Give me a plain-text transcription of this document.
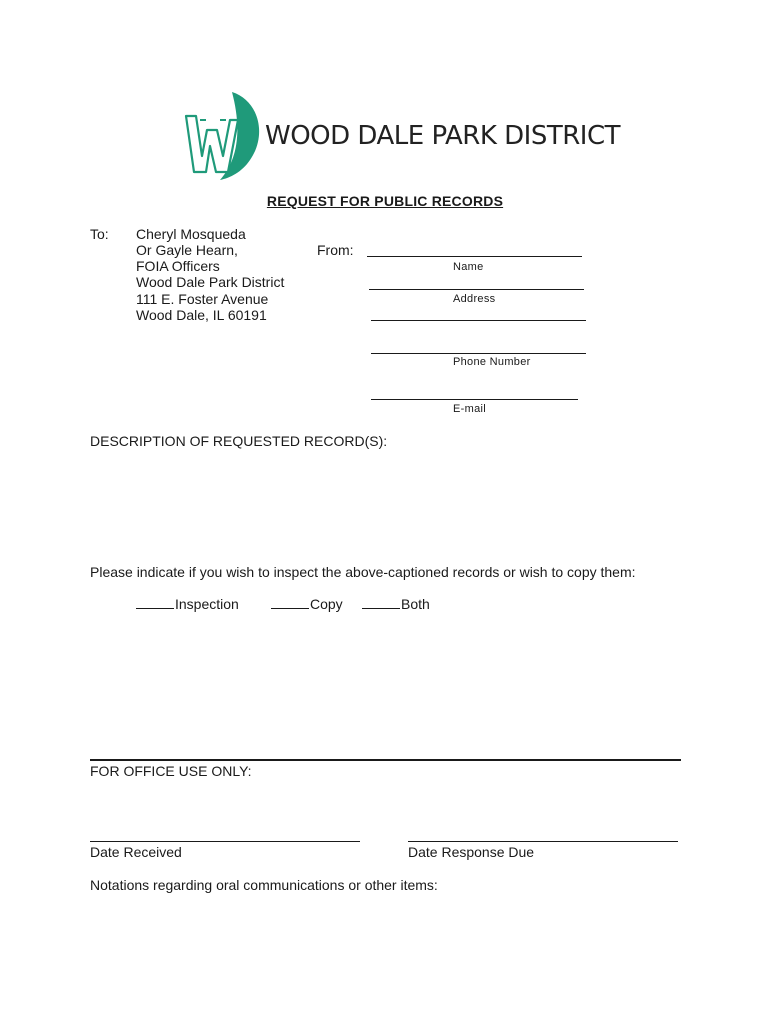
WOOD DALE PARK DISTRICT
REQUEST FOR PUBLIC RECORDS
To: Cheryl Mosqueda
Or Gayle Hearn,
FOIA Officers
Wood Dale Park District
111 E. Foster Avenue
Wood Dale, IL 60191
From:
Name
Address
Phone Number
E-mail
DESCRIPTION OF REQUESTED RECORD(S):
Please indicate if you wish to inspect the above-captioned records or wish to copy them:
Inspection	Copy	Both
FOR OFFICE USE ONLY:
Date Received	Date Response Due
Notations regarding oral communications or other items:
